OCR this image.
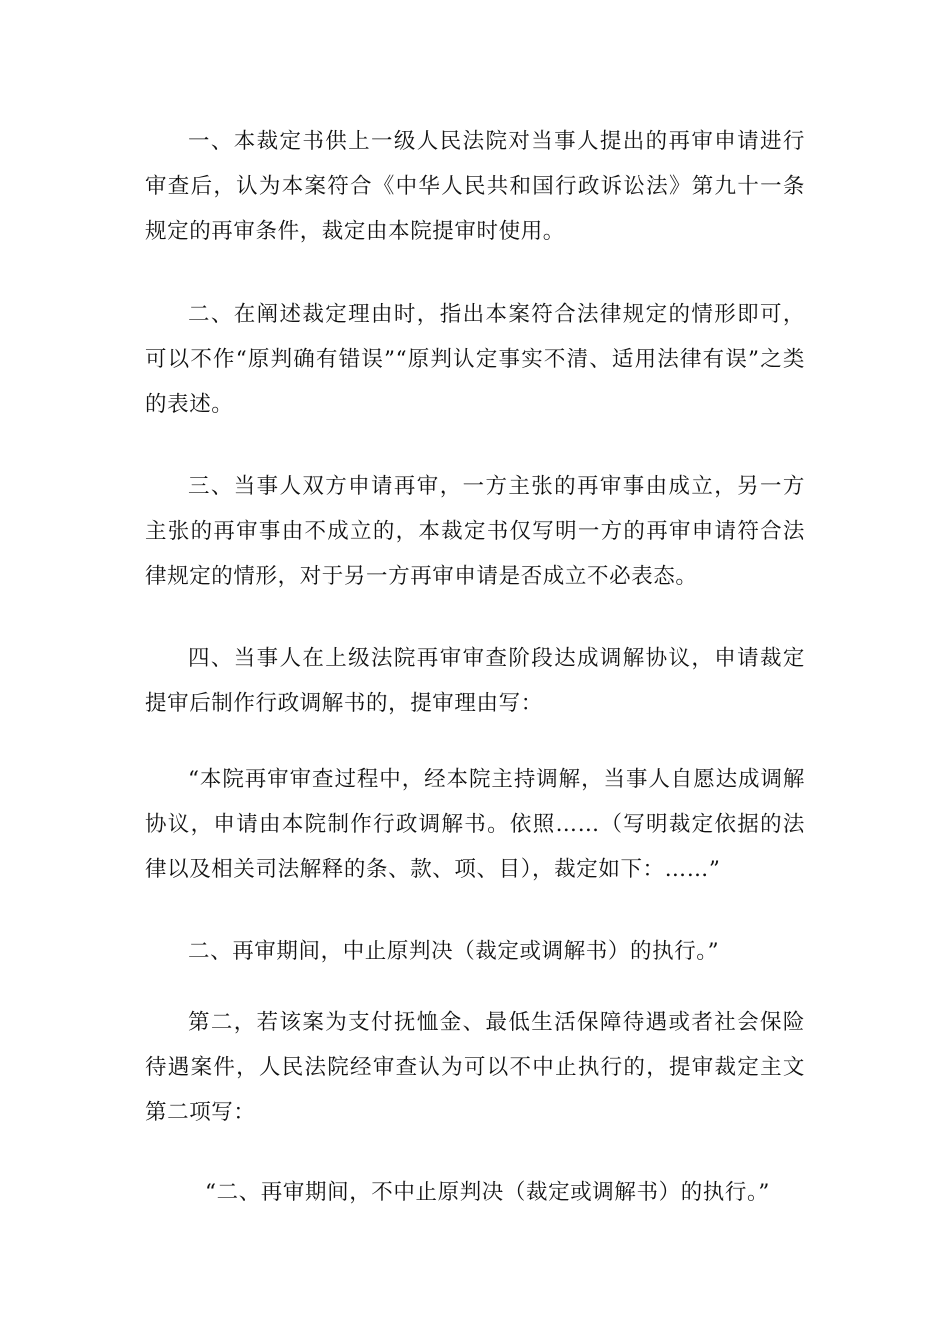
一、本裁定书供上一级人民法院对当事人提出的再审申请进行审查后，认为本案符合《中华人民共和国行政诉讼法》第九十一条规定的再审条件，裁定由本院提审时使用。

二、在阐述裁定理由时，指出本案符合法律规定的情形即可，可以不作“原判确有错误”“原判认定事实不清、适用法律有误”之类的表述。

三、当事人双方申请再审，一方主张的再审事由成立，另一方主张的再审事由不成立的，本裁定书仅写明一方的再审申请符合法律规定的情形，对于另一方再审申请是否成立不必表态。

四、当事人在上级法院再审审查阶段达成调解协议，申请裁定提审后制作行政调解书的，提审理由写：

“本院再审审查过程中，经本院主持调解，当事人自愿达成调解协议，申请由本院制作行政调解书。依照……（写明裁定依据的法律以及相关司法解释的条、款、项、目），裁定如下：……”

二、再审期间，中止原判决（裁定或调解书）的执行。”

第二，若该案为支付抚恤金、最低生活保障待遇或者社会保险待遇案件，人民法院经审查认为可以不中止执行的，提审裁定主文第二项写：

“二、再审期间，不中止原判决（裁定或调解书）的执行。”
